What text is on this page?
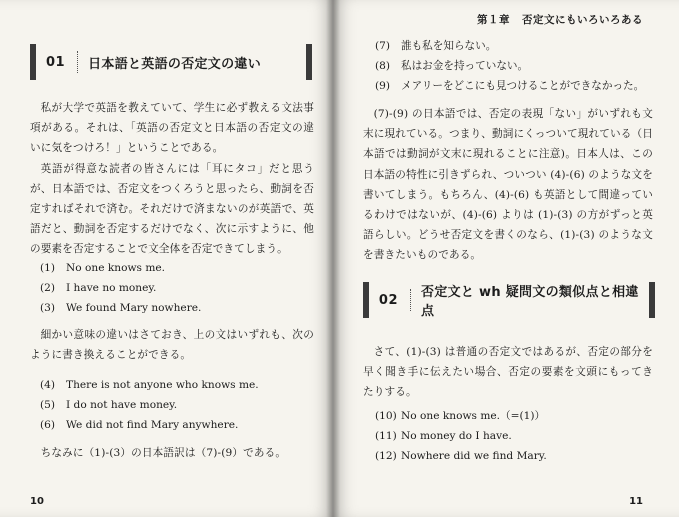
01	日本語と英語の否定文の違い

私が大学で英語を教えていて、学生に必ず教える文法事項がある。それは、「英語の否定文と日本語の否定文の違いに気をつけろ！」ということである。

英語が得意な読者の皆さんには「耳にタコ」だと思うが、日本語では、否定文をつくろうと思ったら、動詞を否定すればそれで済む。それだけで済まないのが英語で、英語だと、動詞を否定するだけでなく、次に示すように、他の要素を否定することで文全体を否定できてしまう。

(1) No one knows me.
(2) I have no money.
(3) We found Mary nowhere.

細かい意味の違いはさておき、上の文はいずれも、次のように書き換えることができる。

(4) There is not anyone who knows me.
(5) I do not have money.
(6) We did not find Mary anywhere.

ちなみに（1)-(3）の日本語訳は（7)-(9）である。

10
第１章 否定文にもいろいろある
(7) 誰も私を知らない。
(8) 私はお金を持っていない。
(9) メアリーをどこにも見つけることができなかった。

(7)-(9) の日本語では、否定の表現「ない」がいずれも文末に現れている。つまり、動詞にくっついて現れている（日本語では動詞が文末に現れることに注意)。日本人は、この日本語の特性に引きずられ、ついつい (4)-(6) のような文を書いてしまう。もちろん、(4)-(6) も英語として間違っているわけではないが、(4)-(6) よりは (1)-(3) の方がずっと英語らしい。どうせ否定文を書くのなら、(1)-(3) のような文を書きたいものである。

02	否定文と wh 疑問文の類似点と相違点

さて、(1)-(3) は普通の否定文ではあるが、否定の部分を早く聞き手に伝えたい場合、否定の要素を文頭にもってきたりする。

(10) No one knows me.（=(1)）
(11) No money do I have.
(12) Nowhere did we find Mary.
11
